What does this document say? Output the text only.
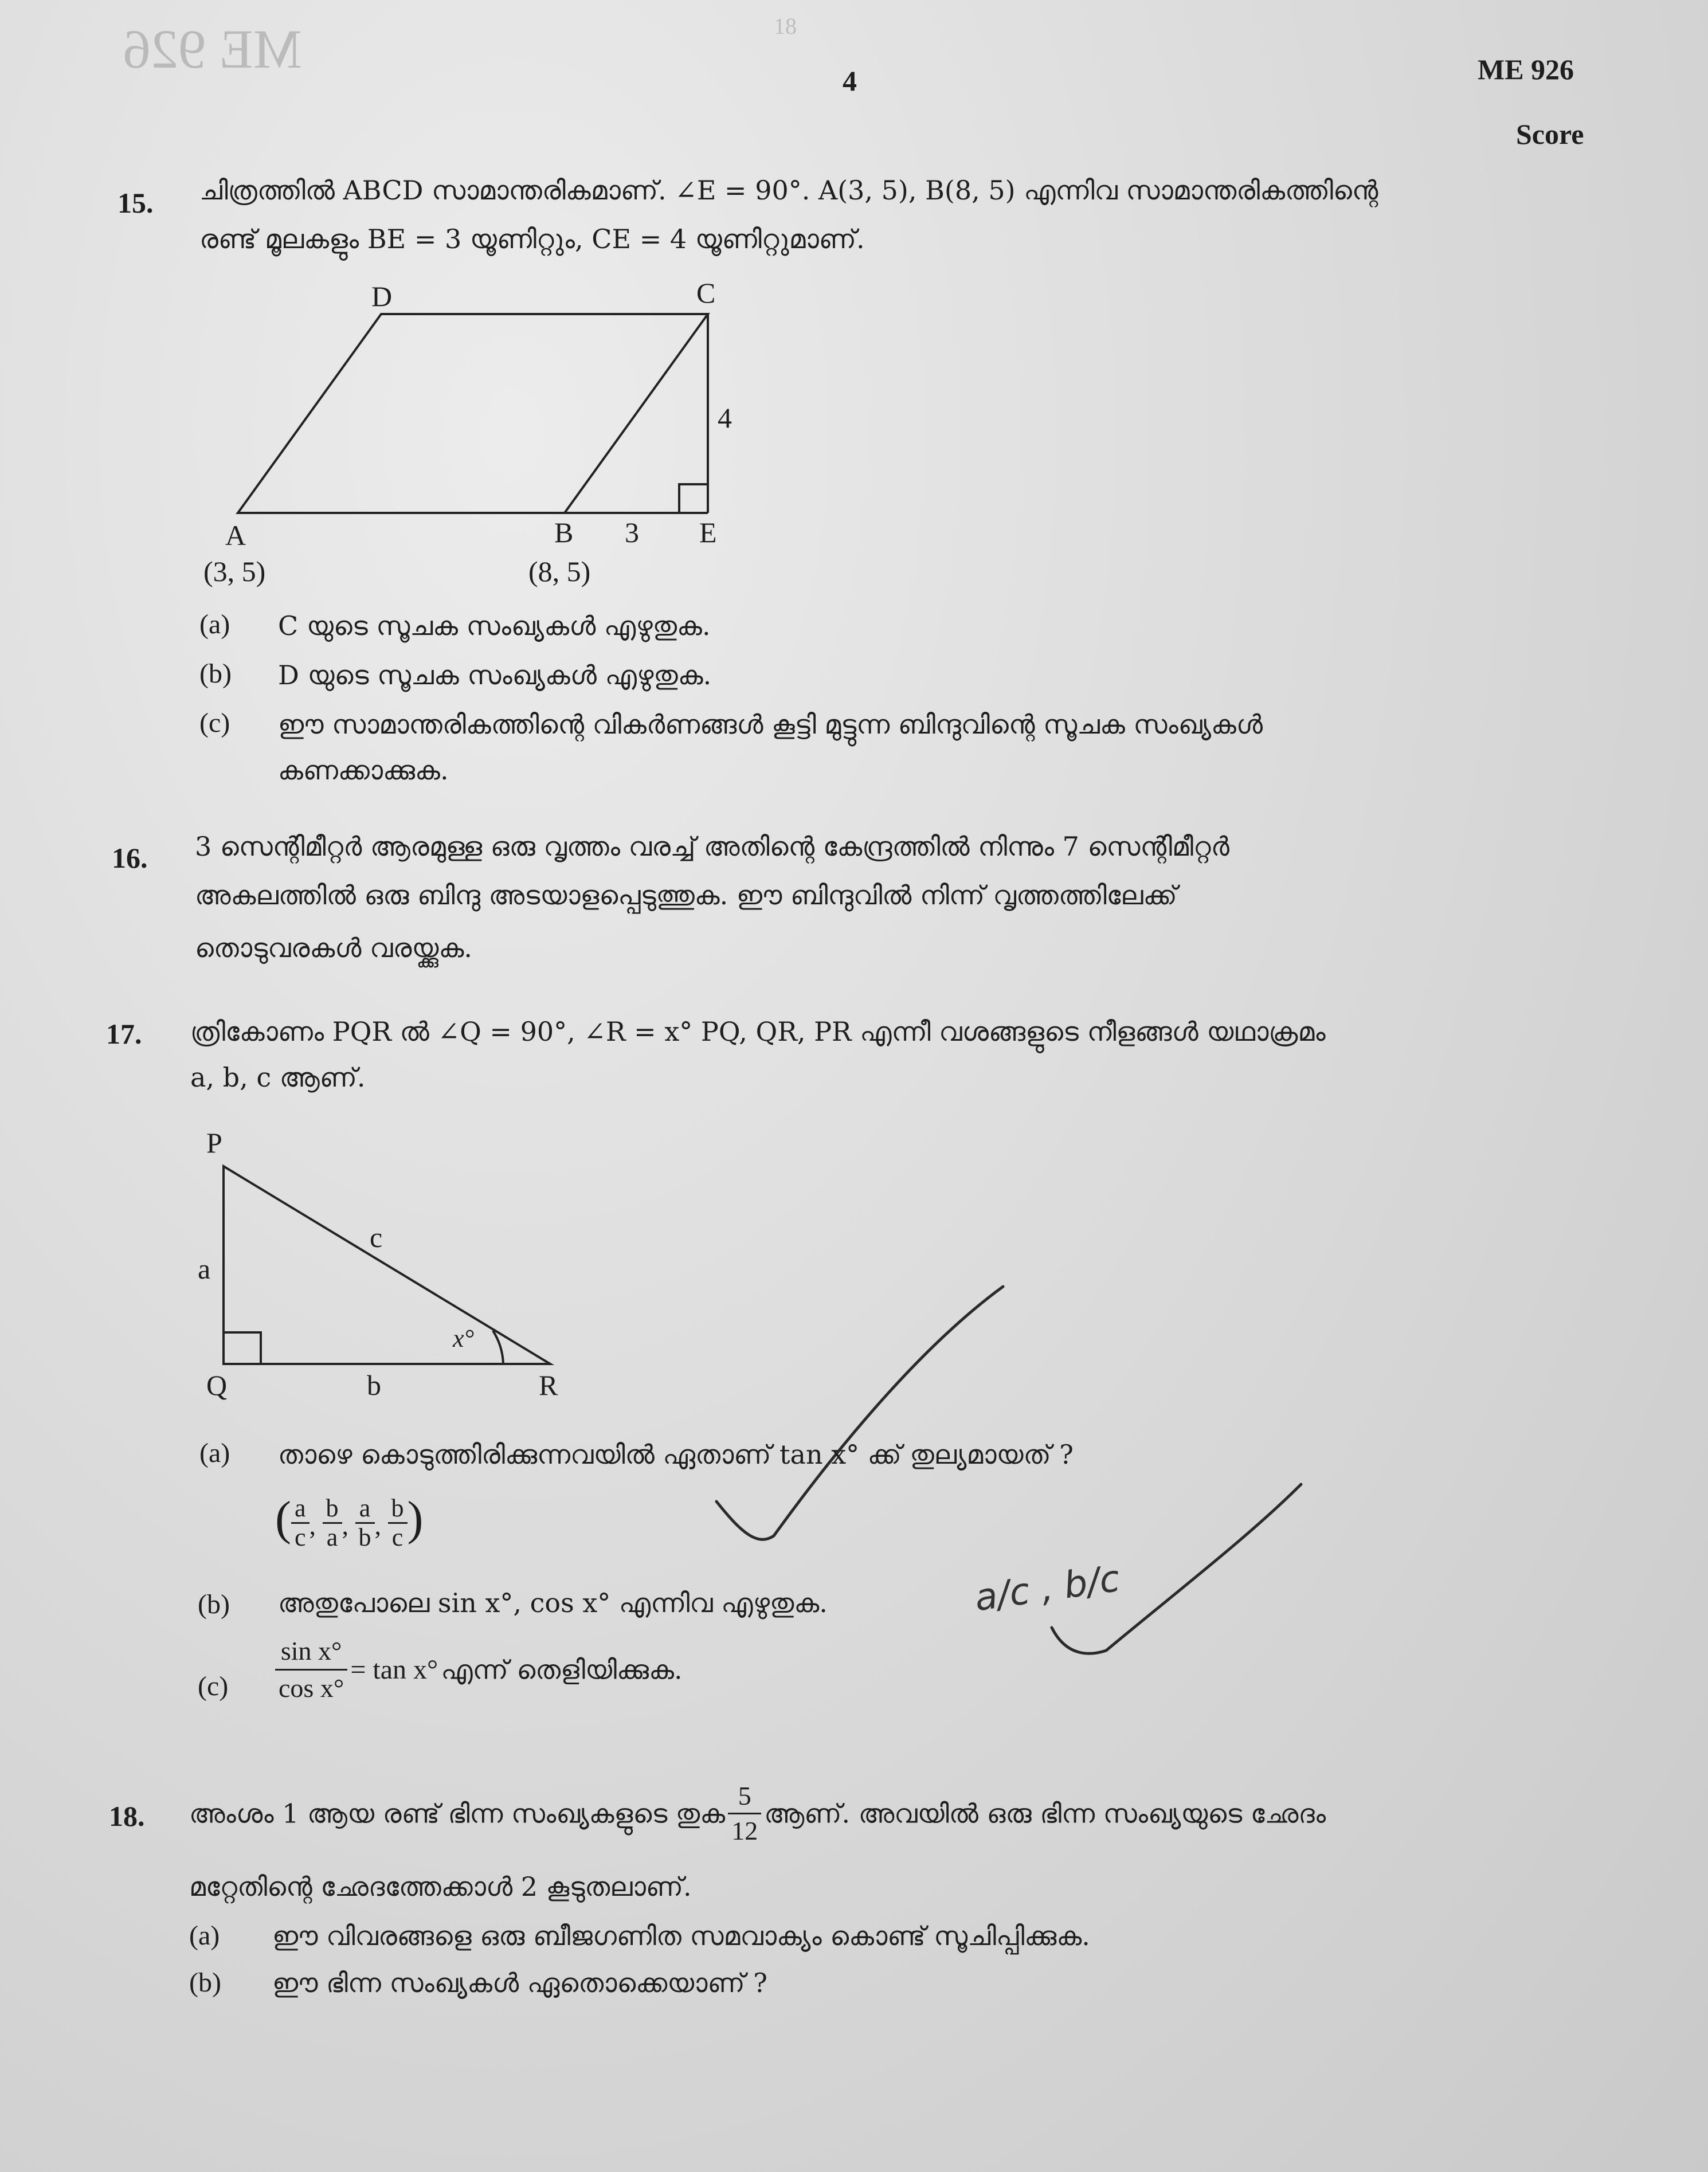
ME 926	18
4	ME 926
Score
15. ചിത്രത്തിൽ ABCD സാമാന്തരികമാണ്. ∠E = 90°. A(3, 5), B(8, 5) എന്നിവ സാമാന്തരികത്തിന്റെ
രണ്ട് മൂലകളും BE = 3 യൂണിറ്റും, CE = 4 യൂണിറ്റുമാണ്.
D	C
4
A	B 3 E
(3, 5)	(8, 5)
(a) C യുടെ സൂചക സംഖ്യകൾ എഴുതുക.
(b) D യുടെ സൂചക സംഖ്യകൾ എഴുതുക.
(c) ഈ സാമാന്തരികത്തിന്റെ വികർണങ്ങൾ കൂട്ടി മുട്ടുന്ന ബിന്ദുവിന്റെ സൂചക സംഖ്യകൾ
കണക്കാക്കുക.
16. 3 സെന്റിമീറ്റർ ആരമുള്ള ഒരു വൃത്തം വരച്ച് അതിന്റെ കേന്ദ്രത്തിൽ നിന്നും 7 സെന്റിമീറ്റർ
അകലത്തിൽ ഒരു ബിന്ദു അടയാളപ്പെടുത്തുക. ഈ ബിന്ദുവിൽ നിന്ന് വൃത്തത്തിലേക്ക്
തൊടുവരകൾ വരയ്ക്കുക.
17. ത്രികോണം PQR ൽ ∠Q = 90°, ∠R = x° PQ, QR, PR എന്നീ വശങ്ങളുടെ നീളങ്ങൾ യഥാക്രമം
a, b, c ആണ്.
P
a
c
x°
Q	b	R
(a) താഴെ കൊടുത്തിരിക്കുന്നവയിൽ ഏതാണ് tan x° ക്ക് തുല്യമായത് ?
( $\frac{a}{c}$ , $\frac{b}{a}$ , $\frac{a}{b}$ , $\frac{b}{c}$ )
(b) അതുപോലെ sin x°, cos x° എന്നിവ എഴുതുക.	a/c , b/c
$(c) \frac{\text{sin x°}}{\text{cos x°}} = \tan x^\circ$ എന്ന് തെളിയിക്കുക.
18. അംശം 1 ആയ രണ്ട് ഭിന്ന സംഖ്യകളുടെ തുക $\frac{5}{12}$ ആണ്. അവയിൽ ഒരു ഭിന്ന സംഖ്യയുടെ ഛേദം
മറ്റേതിന്റെ ഛേദത്തേക്കാൾ 2 കൂടുതലാണ്.
(a) ഈ വിവരങ്ങളെ ഒരു ബീജഗണിത സമവാക്യം കൊണ്ട് സൂചിപ്പിക്കുക.
(b) ഈ ഭിന്ന സംഖ്യകൾ ഏതൊക്കെയാണ് ?
